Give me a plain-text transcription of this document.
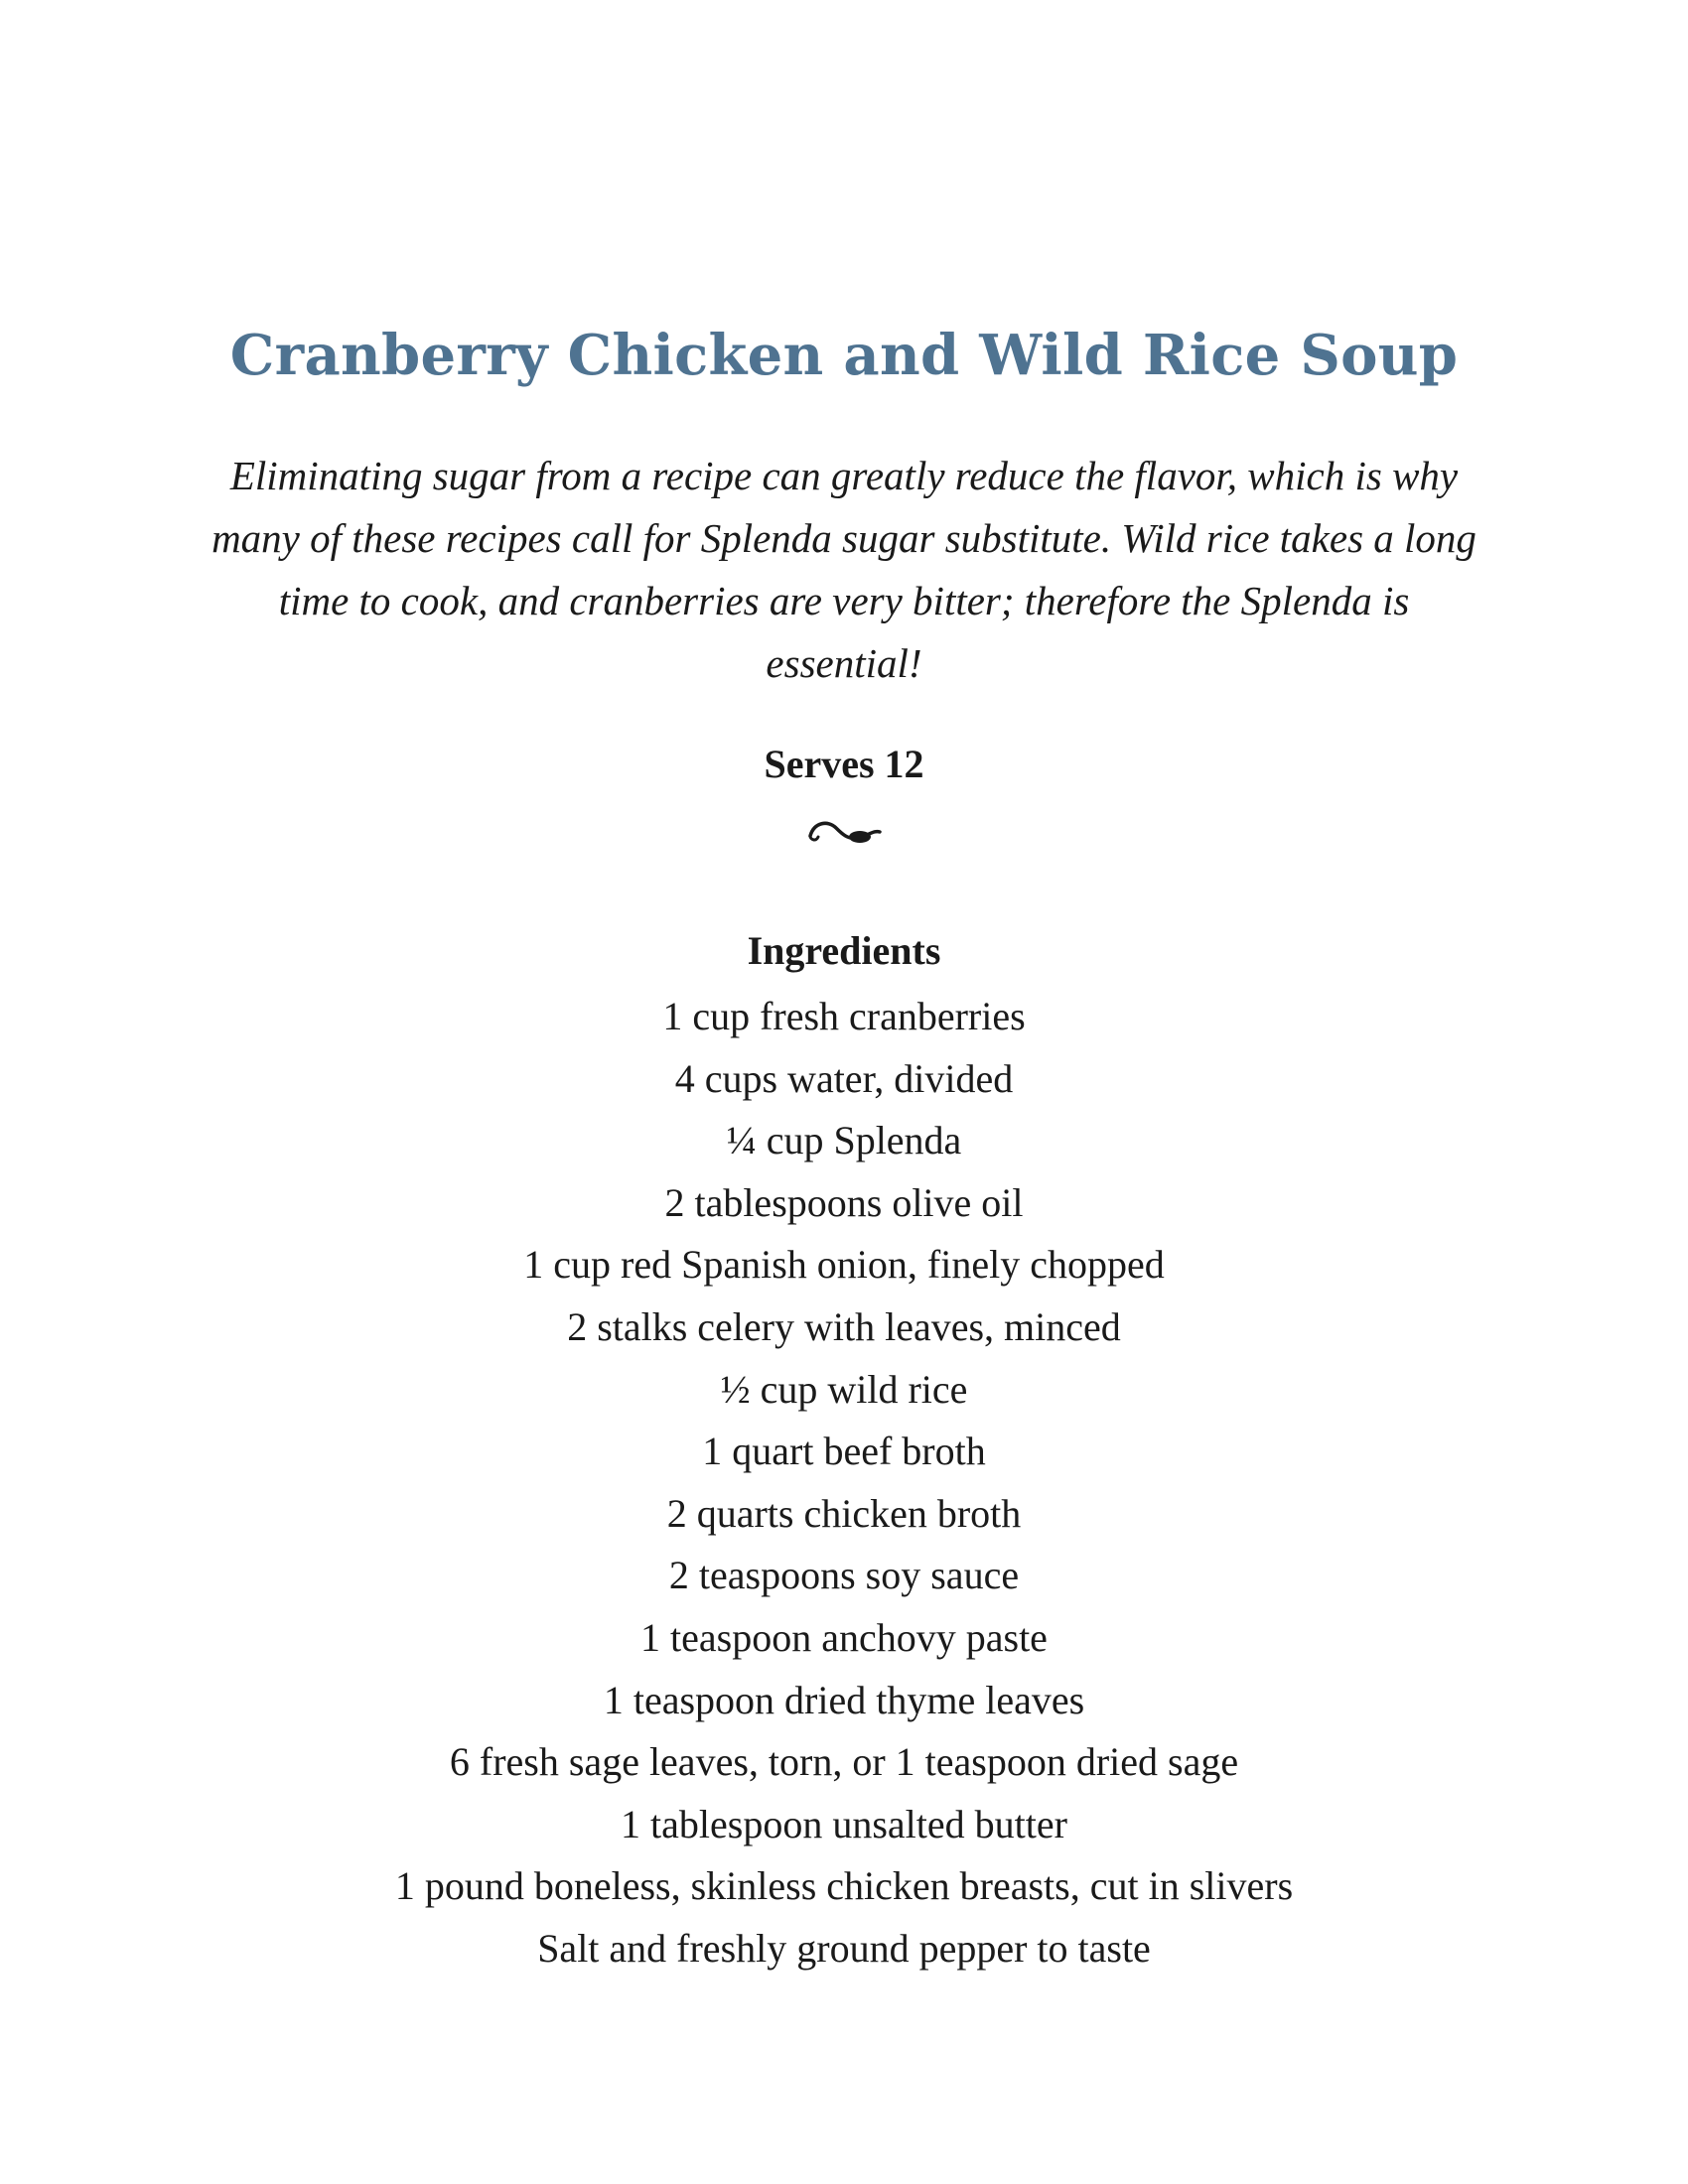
Cranberry Chicken and Wild Rice Soup
Eliminating sugar from a recipe can greatly reduce the flavor, which is why many of these recipes call for Splenda sugar substitute. Wild rice takes a long time to cook, and cranberries are very bitter; therefore the Splenda is essential!
Serves 12
Ingredients
1 cup fresh cranberries
4 cups water, divided
¼ cup Splenda
2 tablespoons olive oil
1 cup red Spanish onion, finely chopped
2 stalks celery with leaves, minced
½ cup wild rice
1 quart beef broth
2 quarts chicken broth
2 teaspoons soy sauce
1 teaspoon anchovy paste
1 teaspoon dried thyme leaves
6 fresh sage leaves, torn, or 1 teaspoon dried sage
1 tablespoon unsalted butter
1 pound boneless, skinless chicken breasts, cut in slivers
Salt and freshly ground pepper to taste
